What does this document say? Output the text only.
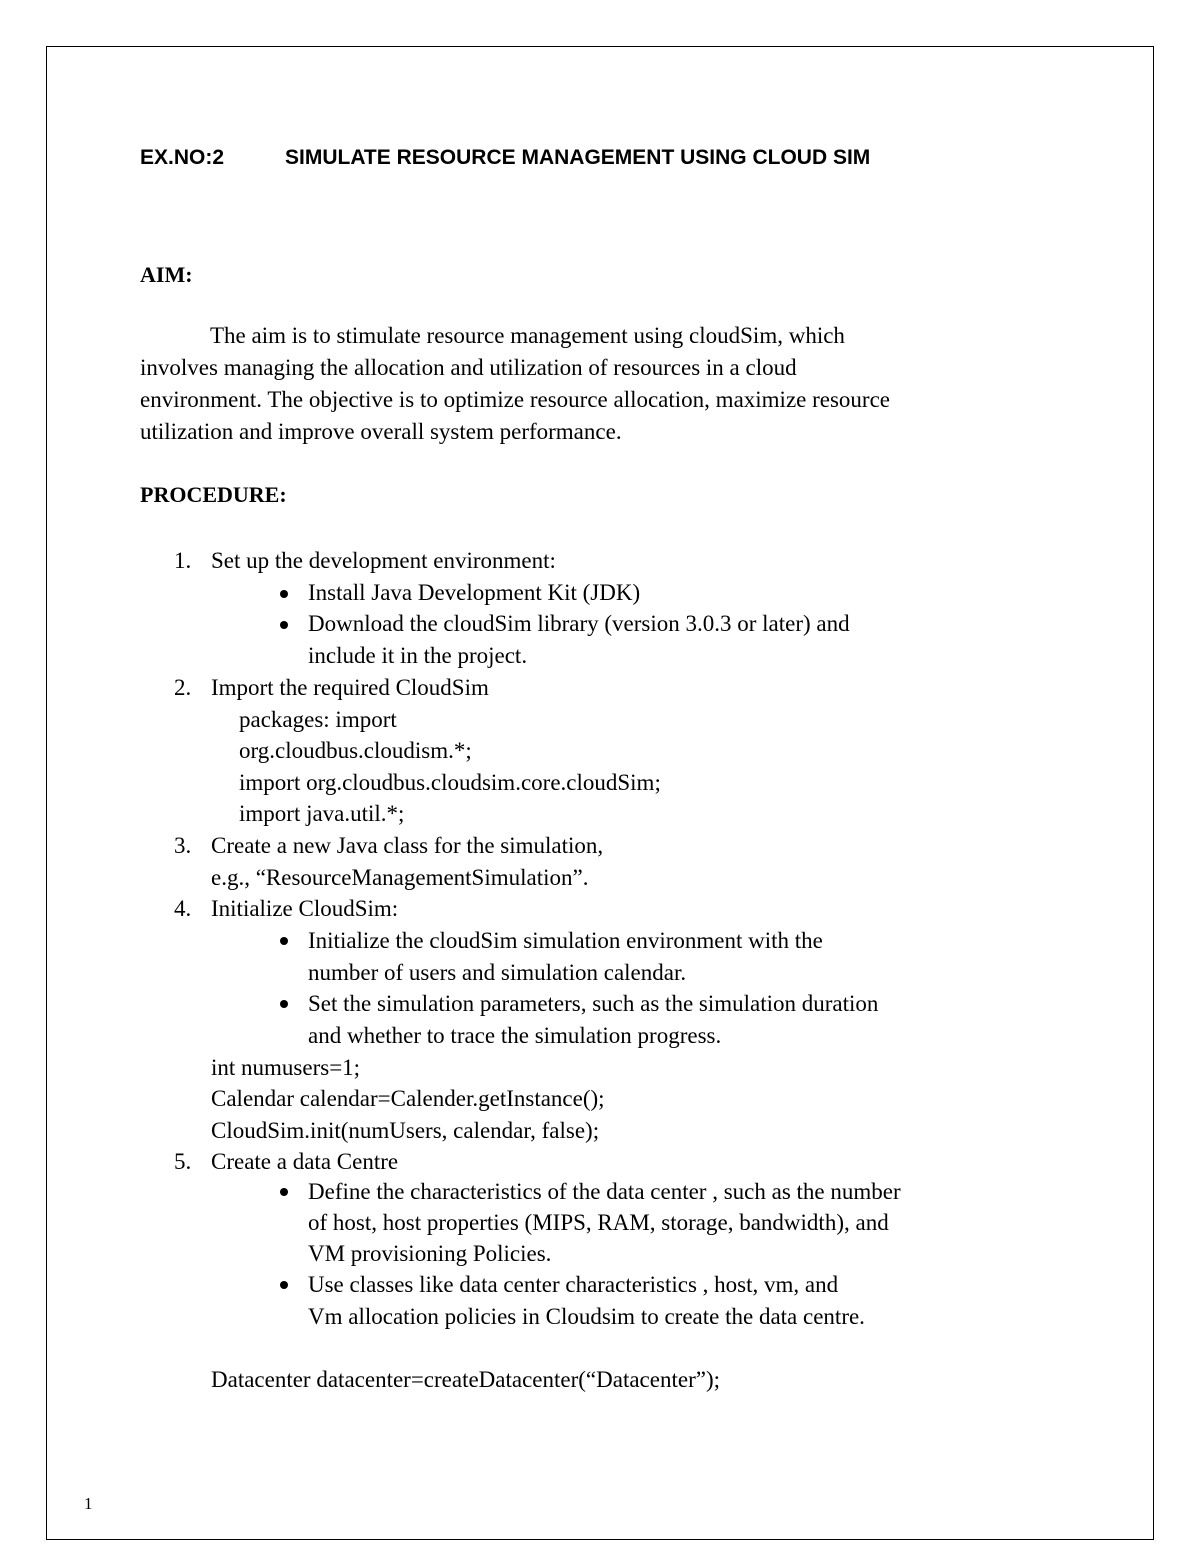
EX.NO:2	SIMULATE RESOURCE MANAGEMENT USING CLOUD SIM
AIM:
The aim is to stimulate resource management using cloudSim, which
involves managing the allocation and utilization of resources in a cloud
environment. The objective is to optimize resource allocation, maximize resource
utilization and improve overall system performance.
PROCEDURE:
1. Set up the development environment:
Install Java Development Kit (JDK)
Download the cloudSim library (version 3.0.3 or later) and
include it in the project.
2. Import the required CloudSim
packages: import
org.cloudbus.cloudism.*;
import org.cloudbus.cloudsim.core.cloudSim;
import java.util.*;
3. Create a new Java class for the simulation,
e.g., “ResourceManagementSimulation”.
4. Initialize CloudSim:
Initialize the cloudSim simulation environment with the
number of users and simulation calendar.
Set the simulation parameters, such as the simulation duration
and whether to trace the simulation progress.
int numusers=1;
Calendar calendar=Calender.getInstance();
CloudSim.init(numUsers, calendar, false);
5. Create a data Centre
Define the characteristics of the data center , such as the number
of host, host properties (MIPS, RAM, storage, bandwidth), and
VM provisioning Policies.
Use classes like data center characteristics , host, vm, and
Vm allocation policies in Cloudsim to create the data centre.
Datacenter datacenter=createDatacenter(“Datacenter”);
1
